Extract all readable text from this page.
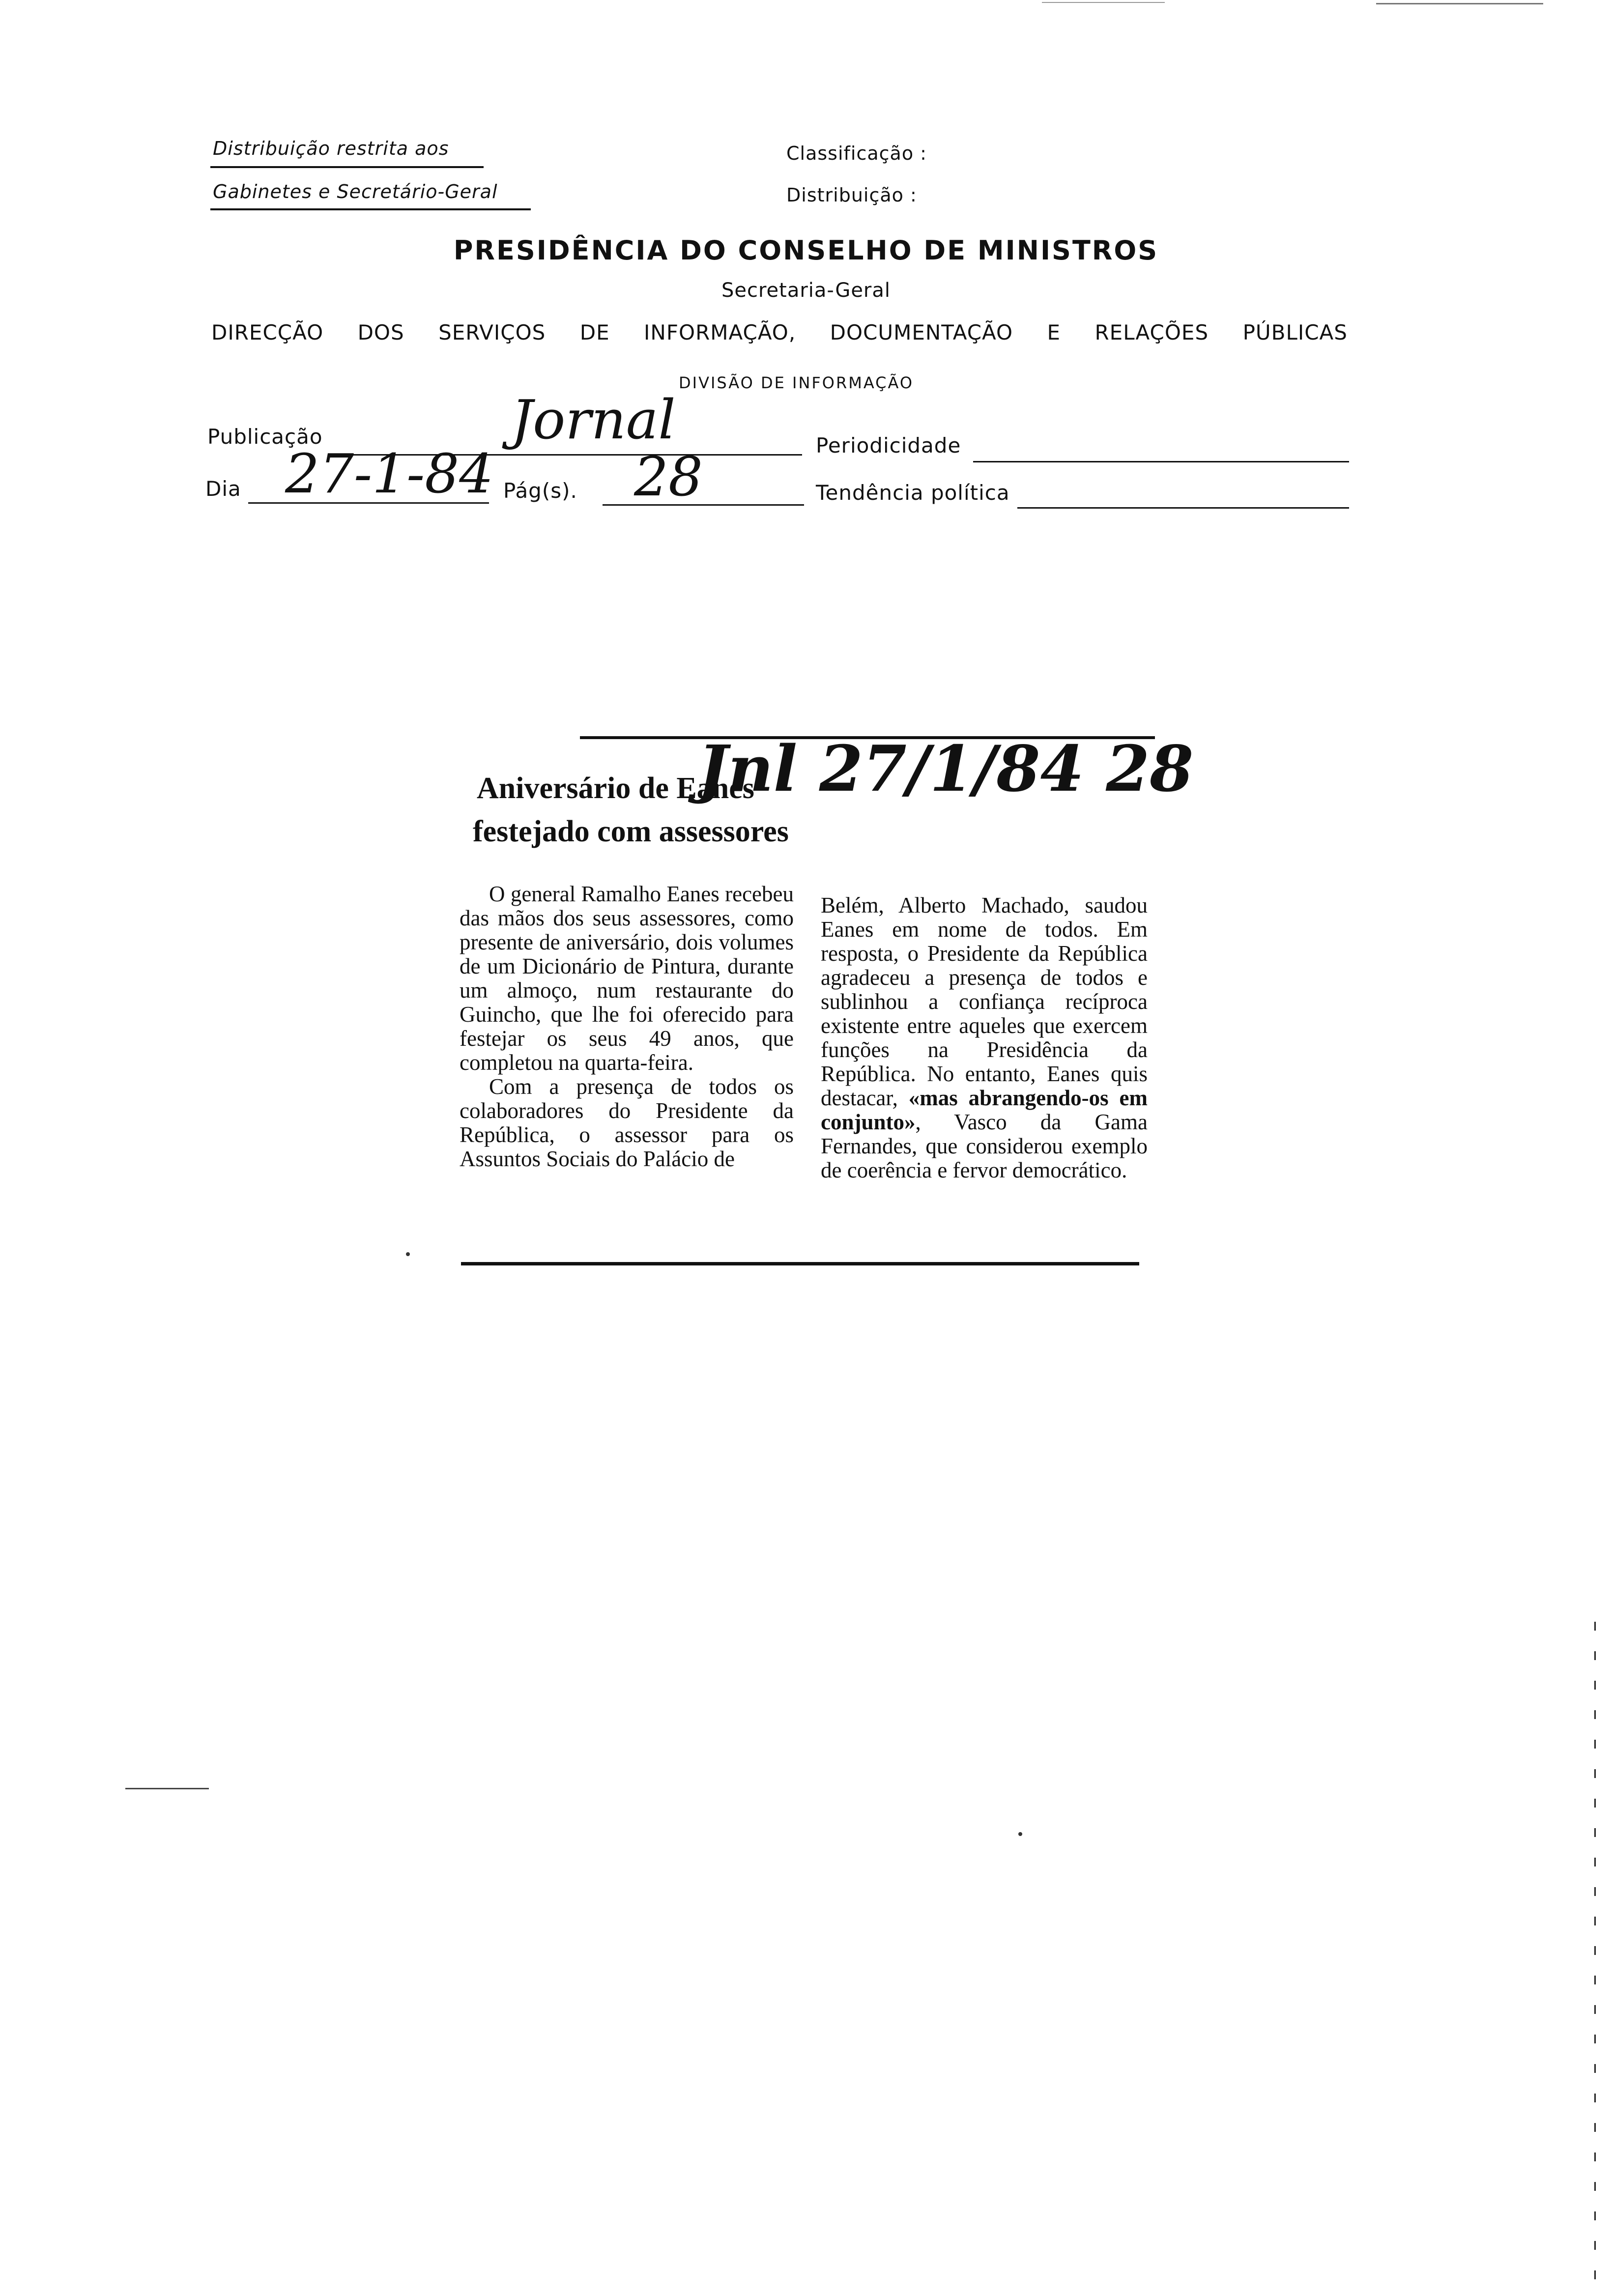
Distribuição restrita aos
Gabinetes e Secretário-Geral
Classificação :
Distribuição :
PRESIDÊNCIA DO CONSELHO DE MINISTROS
Secretaria-Geral
DIRECÇÃO DOS SERVIÇOS DE INFORMAÇÃO, DOCUMENTAÇÃO E RELAÇÕES PÚBLICAS
DIVISÃO DE INFORMAÇÃO
Publicação	Jornal	Periodicidade
Dia 27-1-84 Pág(s). 28	Tendência política
Aniversário de Eanes
festejado com assessores
Jnl 27/1/84 28

O general Ramalho Eanes recebeu das mãos dos seus assessores, como presente de aniversário, dois volumes de um Dicionário de Pintura, durante um almoço, num restaurante do Guincho, que lhe foi oferecido para festejar os seus 49 anos, que completou na quarta-feira.

Com a presença de todos os colaboradores do Presidente da República, o assessor para os Assuntos Sociais do Palácio de

Belém, Alberto Machado, saudou Eanes em nome de todos. Em resposta, o Presidente da República agradeceu a presença de todos e sublinhou a confiança recíproca existente entre aqueles que exercem funções na Presidência da República. No entanto, Eanes quis destacar, «mas abrangendo-os em conjunto», Vasco da Gama Fernandes, que considerou exemplo de coerência e fervor democrático.
